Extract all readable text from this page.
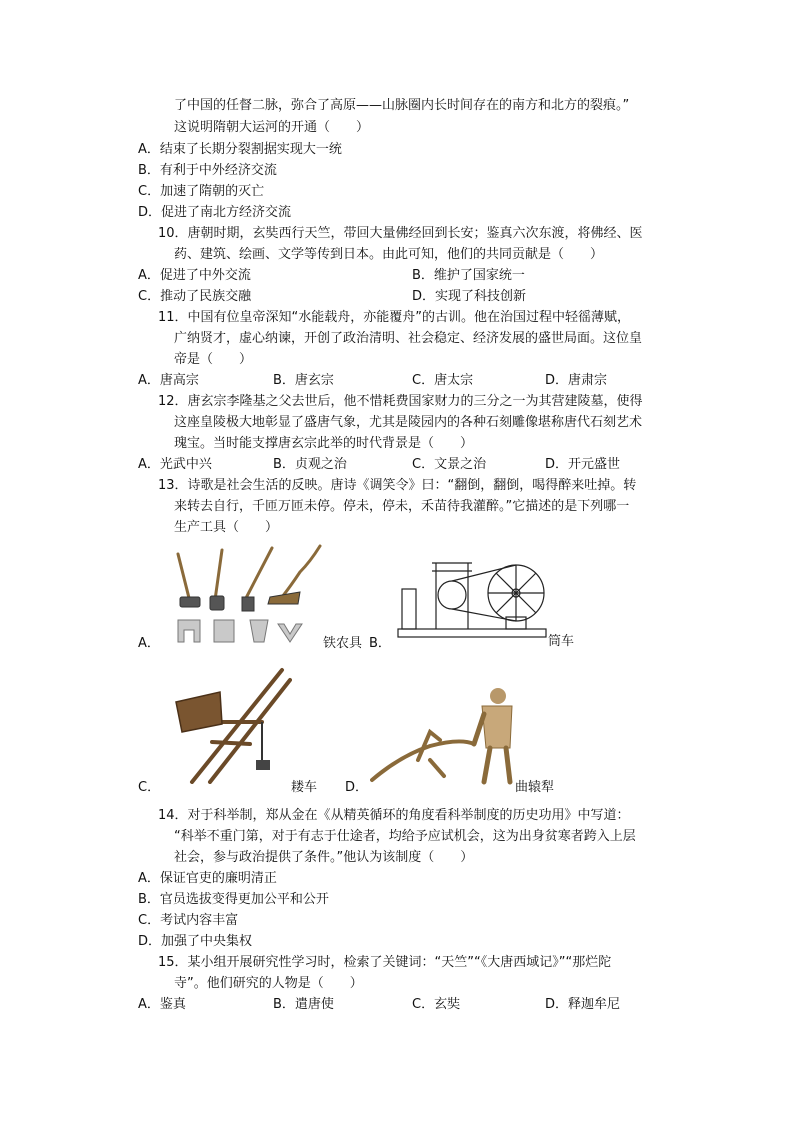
了中国的任督二脉，弥合了高原——山脉圈内长时间存在的南方和北方的裂痕。”
这说明隋朝大运河的开通（　　）
A．结束了长期分裂割据实现大一统
B．有利于中外经济交流
C．加速了隋朝的灭亡
D．促进了南北方经济交流
10．唐朝时期，玄奘西行天竺，带回大量佛经回到长安；鉴真六次东渡，将佛经、医
药、建筑、绘画、文学等传到日本。由此可知，他们的共同贡献是（　　）
A．促进了中外交流	B．维护了国家统一
C．推动了民族交融	D．实现了科技创新
11．中国有位皇帝深知“水能载舟，亦能覆舟”的古训。他在治国过程中轻徭薄赋，
广纳贤才，虚心纳谏，开创了政治清明、社会稳定、经济发展的盛世局面。这位皇
帝是（　　）
A．唐高宗	B．唐玄宗	C．唐太宗	D．唐肃宗
12．唐玄宗李隆基之父去世后，他不惜耗费国家财力的三分之一为其营建陵墓，使得
这座皇陵极大地彰显了盛唐气象，尤其是陵园内的各种石刻雕像堪称唐代石刻艺术
瑰宝。当时能支撑唐玄宗此举的时代背景是（　　）
A．光武中兴	B．贞观之治	C．文景之治	D．开元盛世
13．诗歌是社会生活的反映。唐诗《调笑令》曰：“翻倒，翻倒，喝得醉来吐掉。转
来转去自行，千匝万匝未停。停未，停未，禾苗待我灌醉。”它描述的是下列哪一
生产工具（　　）
A．	铁农具 B．	筒车
C．	耧车 D．	曲辕犁
14．对于科举制，郑从金在《从精英循环的角度看科举制度的历史功用》中写道：
“科举不重门第，对于有志于仕途者，均给予应试机会，这为出身贫寒者跨入上层
社会，参与政治提供了条件。”他认为该制度（　　）
A．保证官吏的廉明清正
B．官员选拔变得更加公平和公开
C．考试内容丰富
D．加强了中央集权
15．某小组开展研究性学习时，检索了关键词：“天竺”“《大唐西域记》”“那烂陀
寺”。他们研究的人物是（　　）
A．鉴真	B．遣唐使	C．玄奘	D．释迦牟尼
